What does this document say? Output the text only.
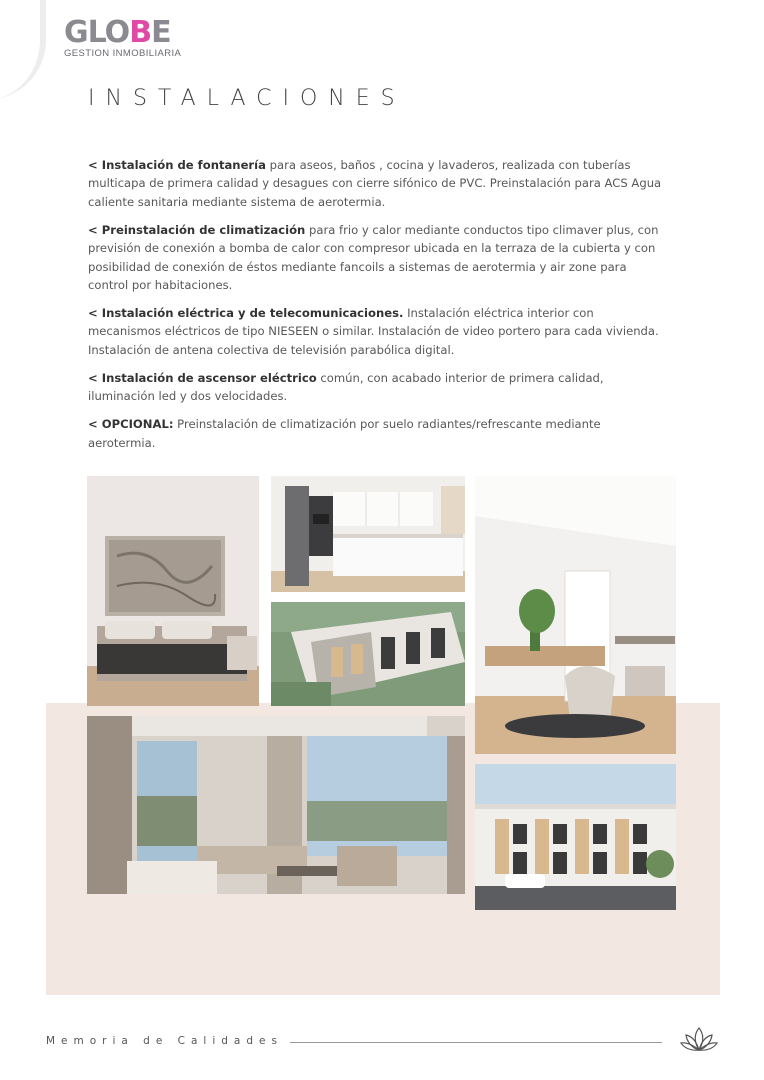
GLOBE
GESTION INMOBILIARIA
INSTALACIONES

< Instalación de fontanería para aseos, baños , cocina y lavaderos, realizada con tuberías multicapa de primera calidad y desagues con cierre sifónico de PVC. Preinstalación para ACS Agua caliente sanitaria mediante sistema de aerotermia.

< Preinstalación de climatización para frio y calor mediante conductos tipo climaver plus, con previsión de conexión a bomba de calor con compresor ubicada en la terraza de la cubierta y con posibilidad de conexión de éstos mediante fancoils a sistemas de aerotermia y air zone para control por habitaciones.

< Instalación eléctrica y de telecomunicaciones. Instalación eléctrica interior con mecanismos eléctricos de tipo NIESEEN o similar. Instalación de video portero para cada vivienda. Instalación de antena colectiva de televisión parabólica digital.

< Instalación de ascensor eléctrico común, con acabado interior de primera calidad, iluminación led y dos velocidades.

< OPCIONAL: Preinstalación de climatización por suelo radiantes/refrescante mediante aerotermia.

Memoria de Calidades
